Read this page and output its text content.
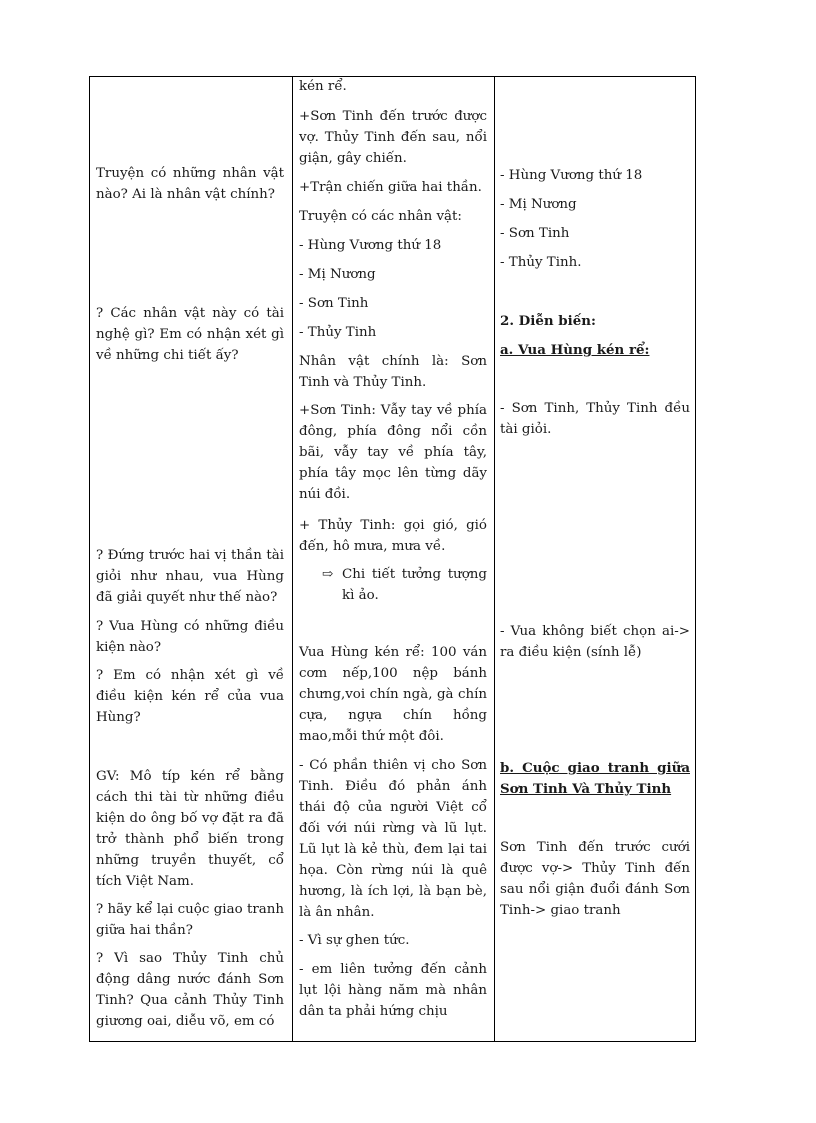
Truyện có những nhân vật nào? Ai là nhân vật chính?

? Các nhân vật này có tài nghệ gì? Em có nhận xét gì về những chi tiết ấy?

? Đứng trước hai vị thần tài giỏi như nhau, vua Hùng đã giải quyết như thế nào?

? Vua Hùng có những điều kiện nào?

? Em có nhận xét gì về điều kiện kén rể của vua Hùng?

GV: Mô típ kén rể bằng cách thi tài từ những điều kiện do ông bố vợ đặt ra đã trở thành phổ biến trong những truyền thuyết, cổ tích Việt Nam.

? hãy kể lại cuộc giao tranh giữa hai thần?

? Vì sao Thủy Tinh chủ động dâng nước đánh Sơn Tinh? Qua cảnh Thủy Tinh giương oai, diễu võ, em có

kén rể.

+Sơn Tinh đến trước được vợ. Thủy Tinh đến sau, nổi giận, gây chiến.

+Trận chiến giữa hai thần.

Truyện có các nhân vật:

- Hùng Vương thứ 18

- Mị Nương

- Sơn Tinh

- Thủy Tinh

Nhân vật chính là: Sơn Tinh và Thủy Tinh.

+Sơn Tinh: Vẫy tay về phía đông, phía đông nổi cồn bãi, vẫy tay về phía tây, phía tây mọc lên từng dãy núi đồi.

+ Thủy Tinh: gọi gió, gió đến, hô mưa, mưa về.

⇨ Chi tiết tưởng tượng kì ảo.

Vua Hùng kén rể: 100 ván cơm nếp,100 nệp bánh chưng,voi chín ngà, gà chín cựa, ngựa chín hồng mao,mỗi thứ một đôi.

- Có phần thiên vị cho Sơn Tinh. Điều đó phản ánh thái độ của người Việt cổ đối với núi rừng và lũ lụt. Lũ lụt là kẻ thù, đem lại tai họa. Còn rừng núi là quê hương, là ích lợi, là bạn bè, là ân nhân.

- Vì sự ghen tức.

- em liên tưởng đến cảnh lụt lội hàng năm mà nhân dân ta phải hứng chịu

- Hùng Vương thứ 18

- Mị Nương

- Sơn Tinh

- Thủy Tinh.

2. Diễn biến:

a. Vua Hùng kén rể:

- Sơn Tinh, Thủy Tinh đều tài giỏi.

- Vua không biết chọn ai-> ra điều kiện (sính lễ)

b. Cuộc giao tranh giữa Sơn Tinh Và Thủy Tinh

Sơn Tinh đến trước cưới được vợ-> Thủy Tinh đến sau nổi giận đuổi đánh Sơn Tinh-> giao tranh
